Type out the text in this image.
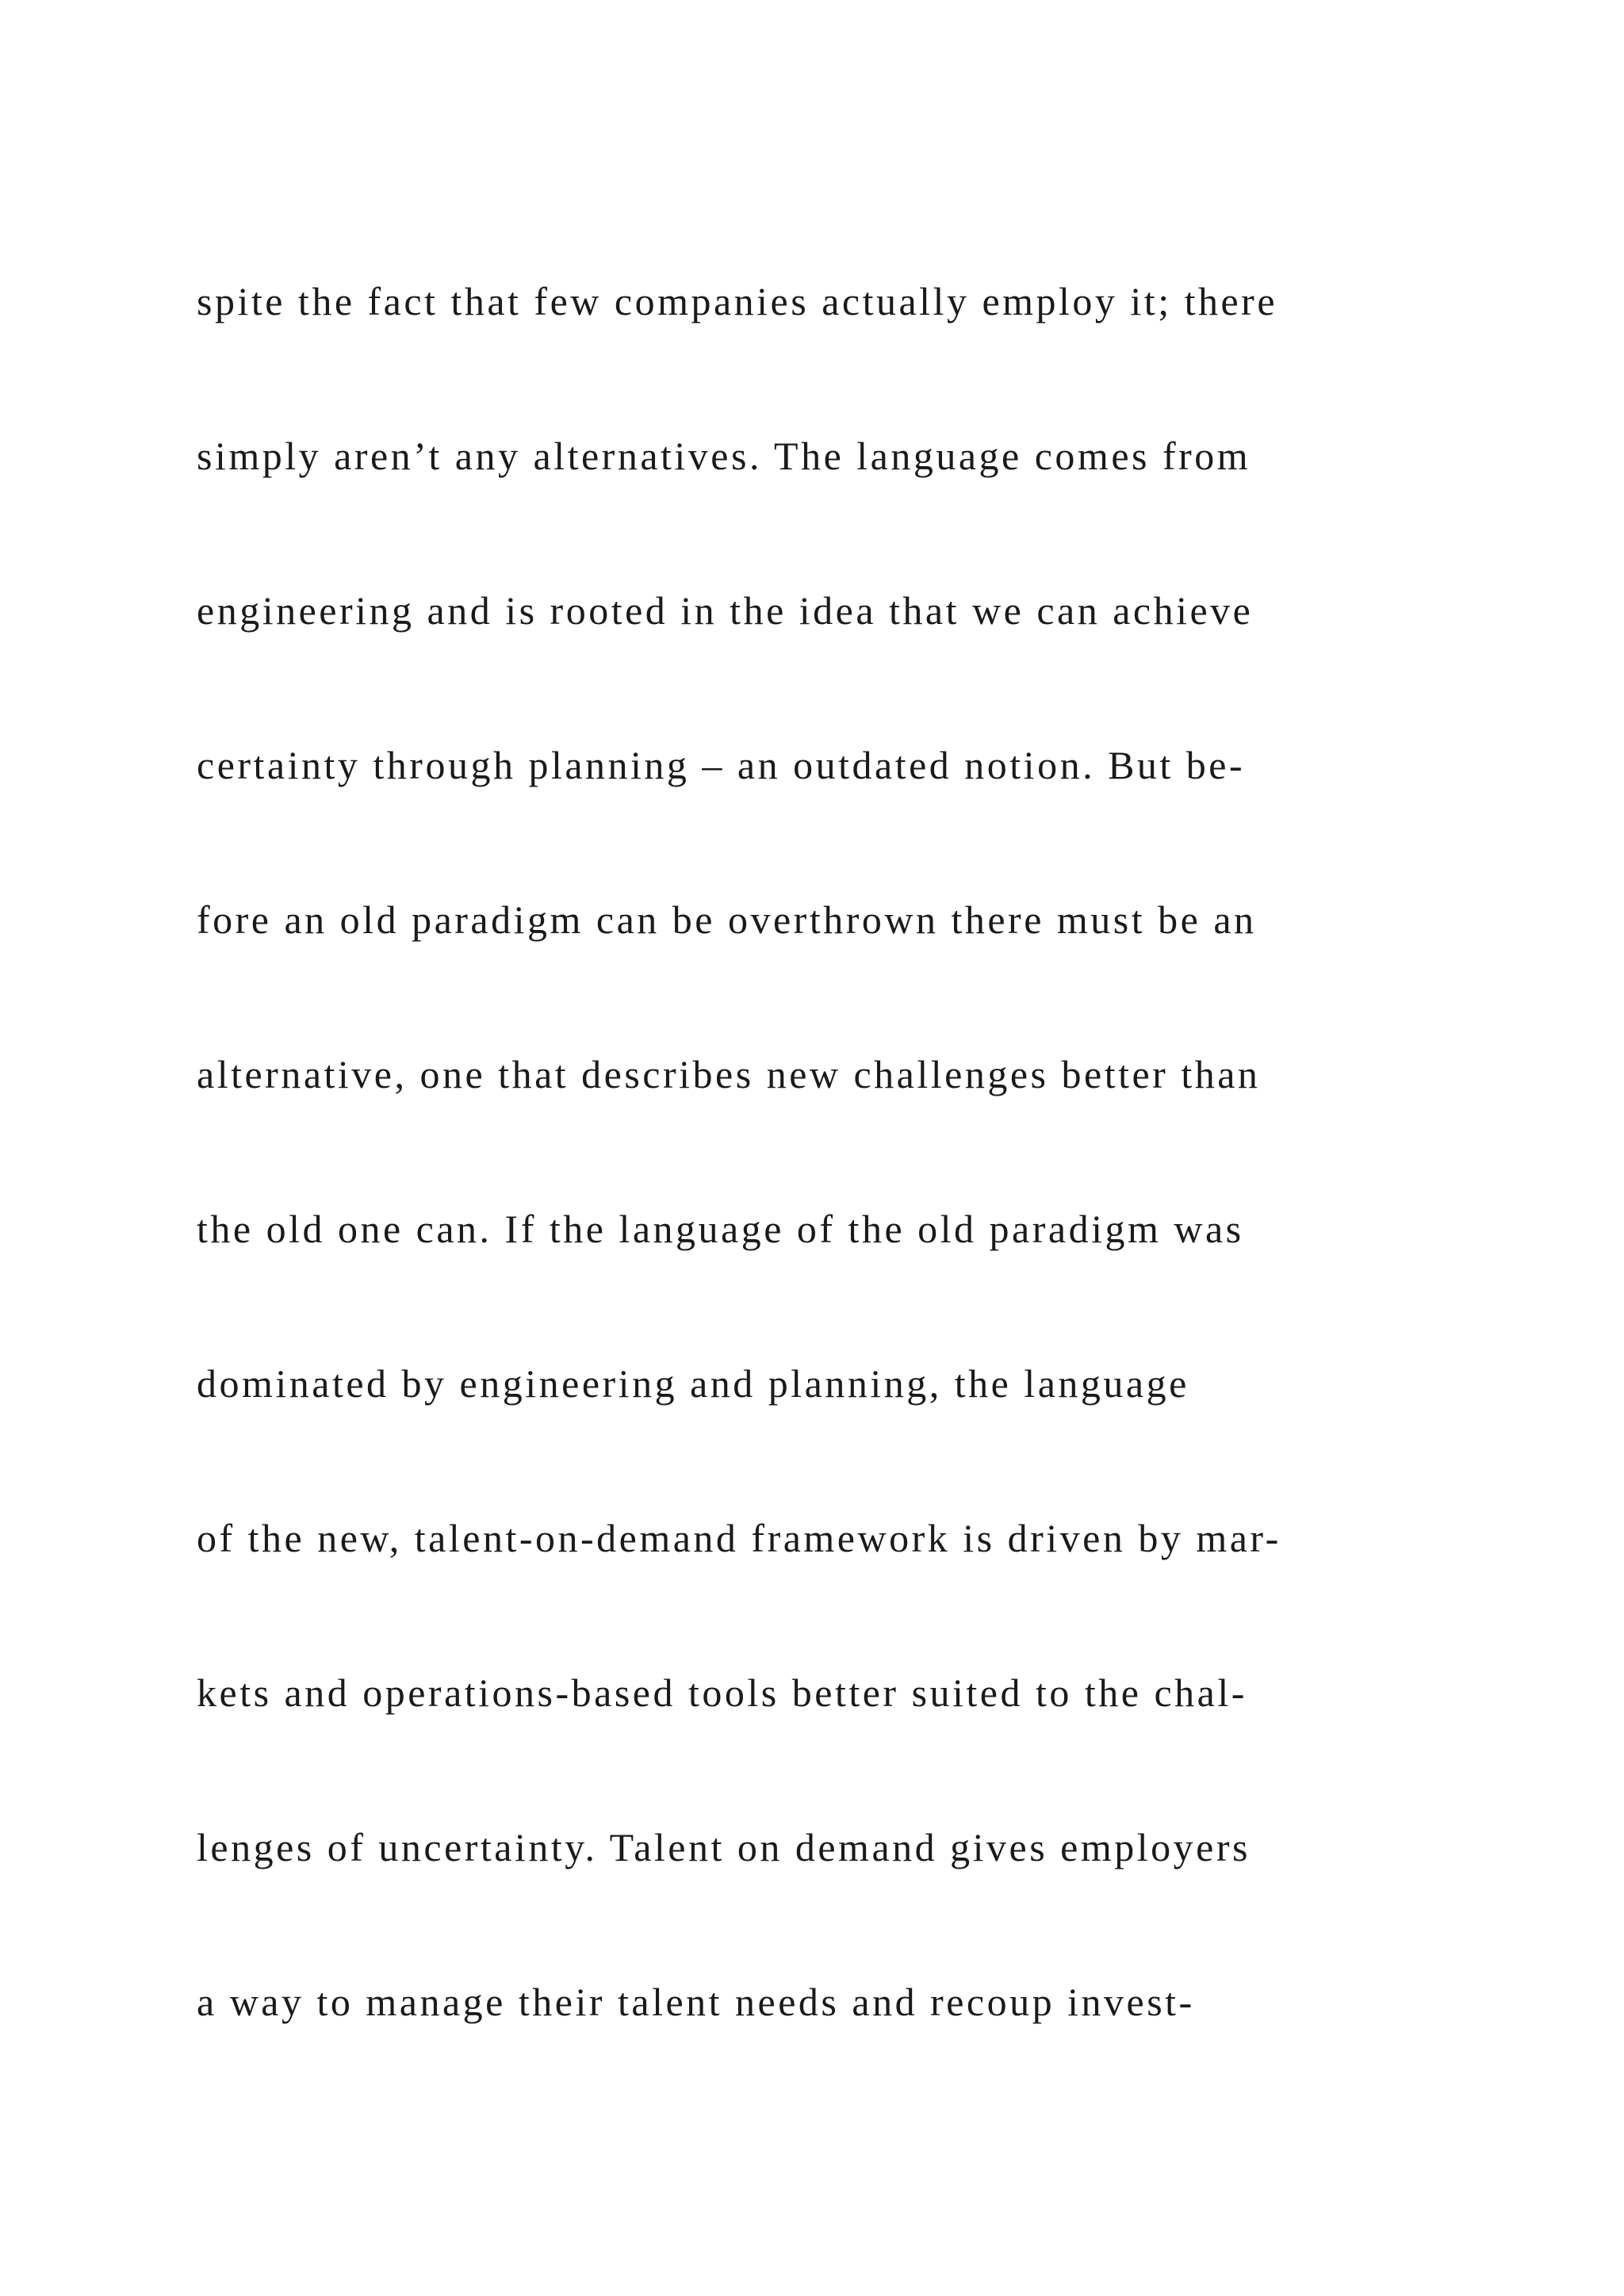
spite the fact that few companies actually employ it; there
simply aren’t any alternatives. The language comes from
engineering and is rooted in the idea that we can achieve
certainty through planning – an outdated notion. But be-
fore an old paradigm can be overthrown there must be an
alternative, one that describes new challenges better than
the old one can. If the language of the old paradigm was
dominated by engineering and planning, the language
of the new, talent-on-demand framework is driven by mar-
kets and operations-based tools better suited to the chal-
lenges of uncertainty. Talent on demand gives employers
a way to manage their talent needs and recoup invest-
